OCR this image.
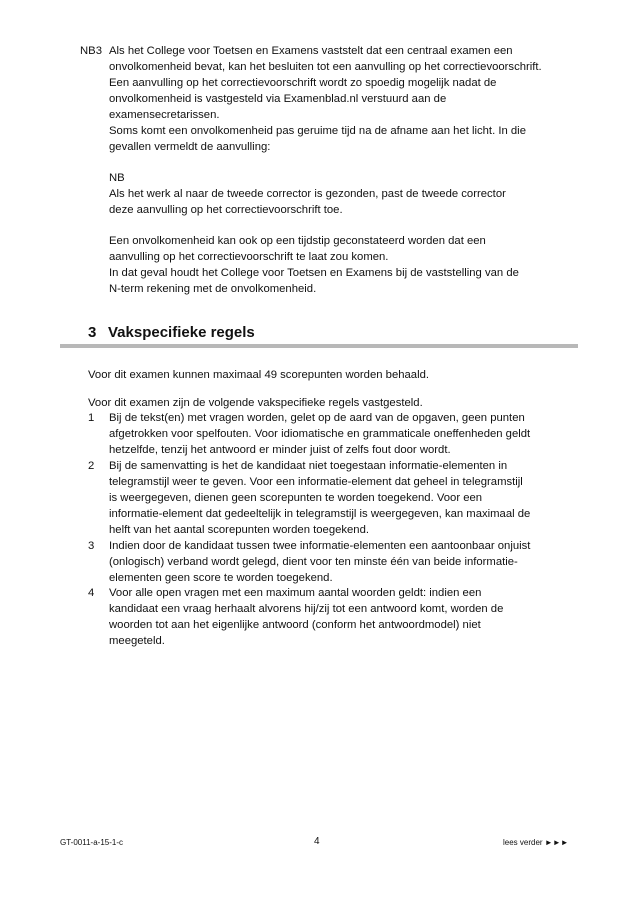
NB3 Als het College voor Toetsen en Examens vaststelt dat een centraal examen een
onvolkomenheid bevat, kan het besluiten tot een aanvulling op het correctievoorschrift.
Een aanvulling op het correctievoorschrift wordt zo spoedig mogelijk nadat de
onvolkomenheid is vastgesteld via Examenblad.nl verstuurd aan de
examensecretarissen.
Soms komt een onvolkomenheid pas geruime tijd na de afname aan het licht. In die
gevallen vermeldt de aanvulling:
NB
Als het werk al naar de tweede corrector is gezonden, past de tweede corrector
deze aanvulling op het correctievoorschrift toe.
Een onvolkomenheid kan ook op een tijdstip geconstateerd worden dat een
aanvulling op het correctievoorschrift te laat zou komen.
In dat geval houdt het College voor Toetsen en Examens bij de vaststelling van de
N-term rekening met de onvolkomenheid.
3 Vakspecifieke regels
Voor dit examen kunnen maximaal 49 scorepunten worden behaald.
Voor dit examen zijn de volgende vakspecifieke regels vastgesteld.
1 Bij de tekst(en) met vragen worden, gelet op de aard van de opgaven, geen punten
afgetrokken voor spelfouten. Voor idiomatische en grammaticale oneffenheden geldt
hetzelfde, tenzij het antwoord er minder juist of zelfs fout door wordt.
2 Bij de samenvatting is het de kandidaat niet toegestaan informatie-elementen in
telegramstijl weer te geven. Voor een informatie-element dat geheel in telegramstijl
is weergegeven, dienen geen scorepunten te worden toegekend. Voor een
informatie-element dat gedeeltelijk in telegramstijl is weergegeven, kan maximaal de
helft van het aantal scorepunten worden toegekend.
3 Indien door de kandidaat tussen twee informatie-elementen een aantoonbaar onjuist
(onlogisch) verband wordt gelegd, dient voor ten minste één van beide informatie-
elementen geen score te worden toegekend.
4 Voor alle open vragen met een maximum aantal woorden geldt: indien een
kandidaat een vraag herhaalt alvorens hij/zij tot een antwoord komt, worden de
woorden tot aan het eigenlijke antwoord (conform het antwoordmodel) niet
meegeteld.
GT-0011-a-15-1-c	4	lees verder ►►►
